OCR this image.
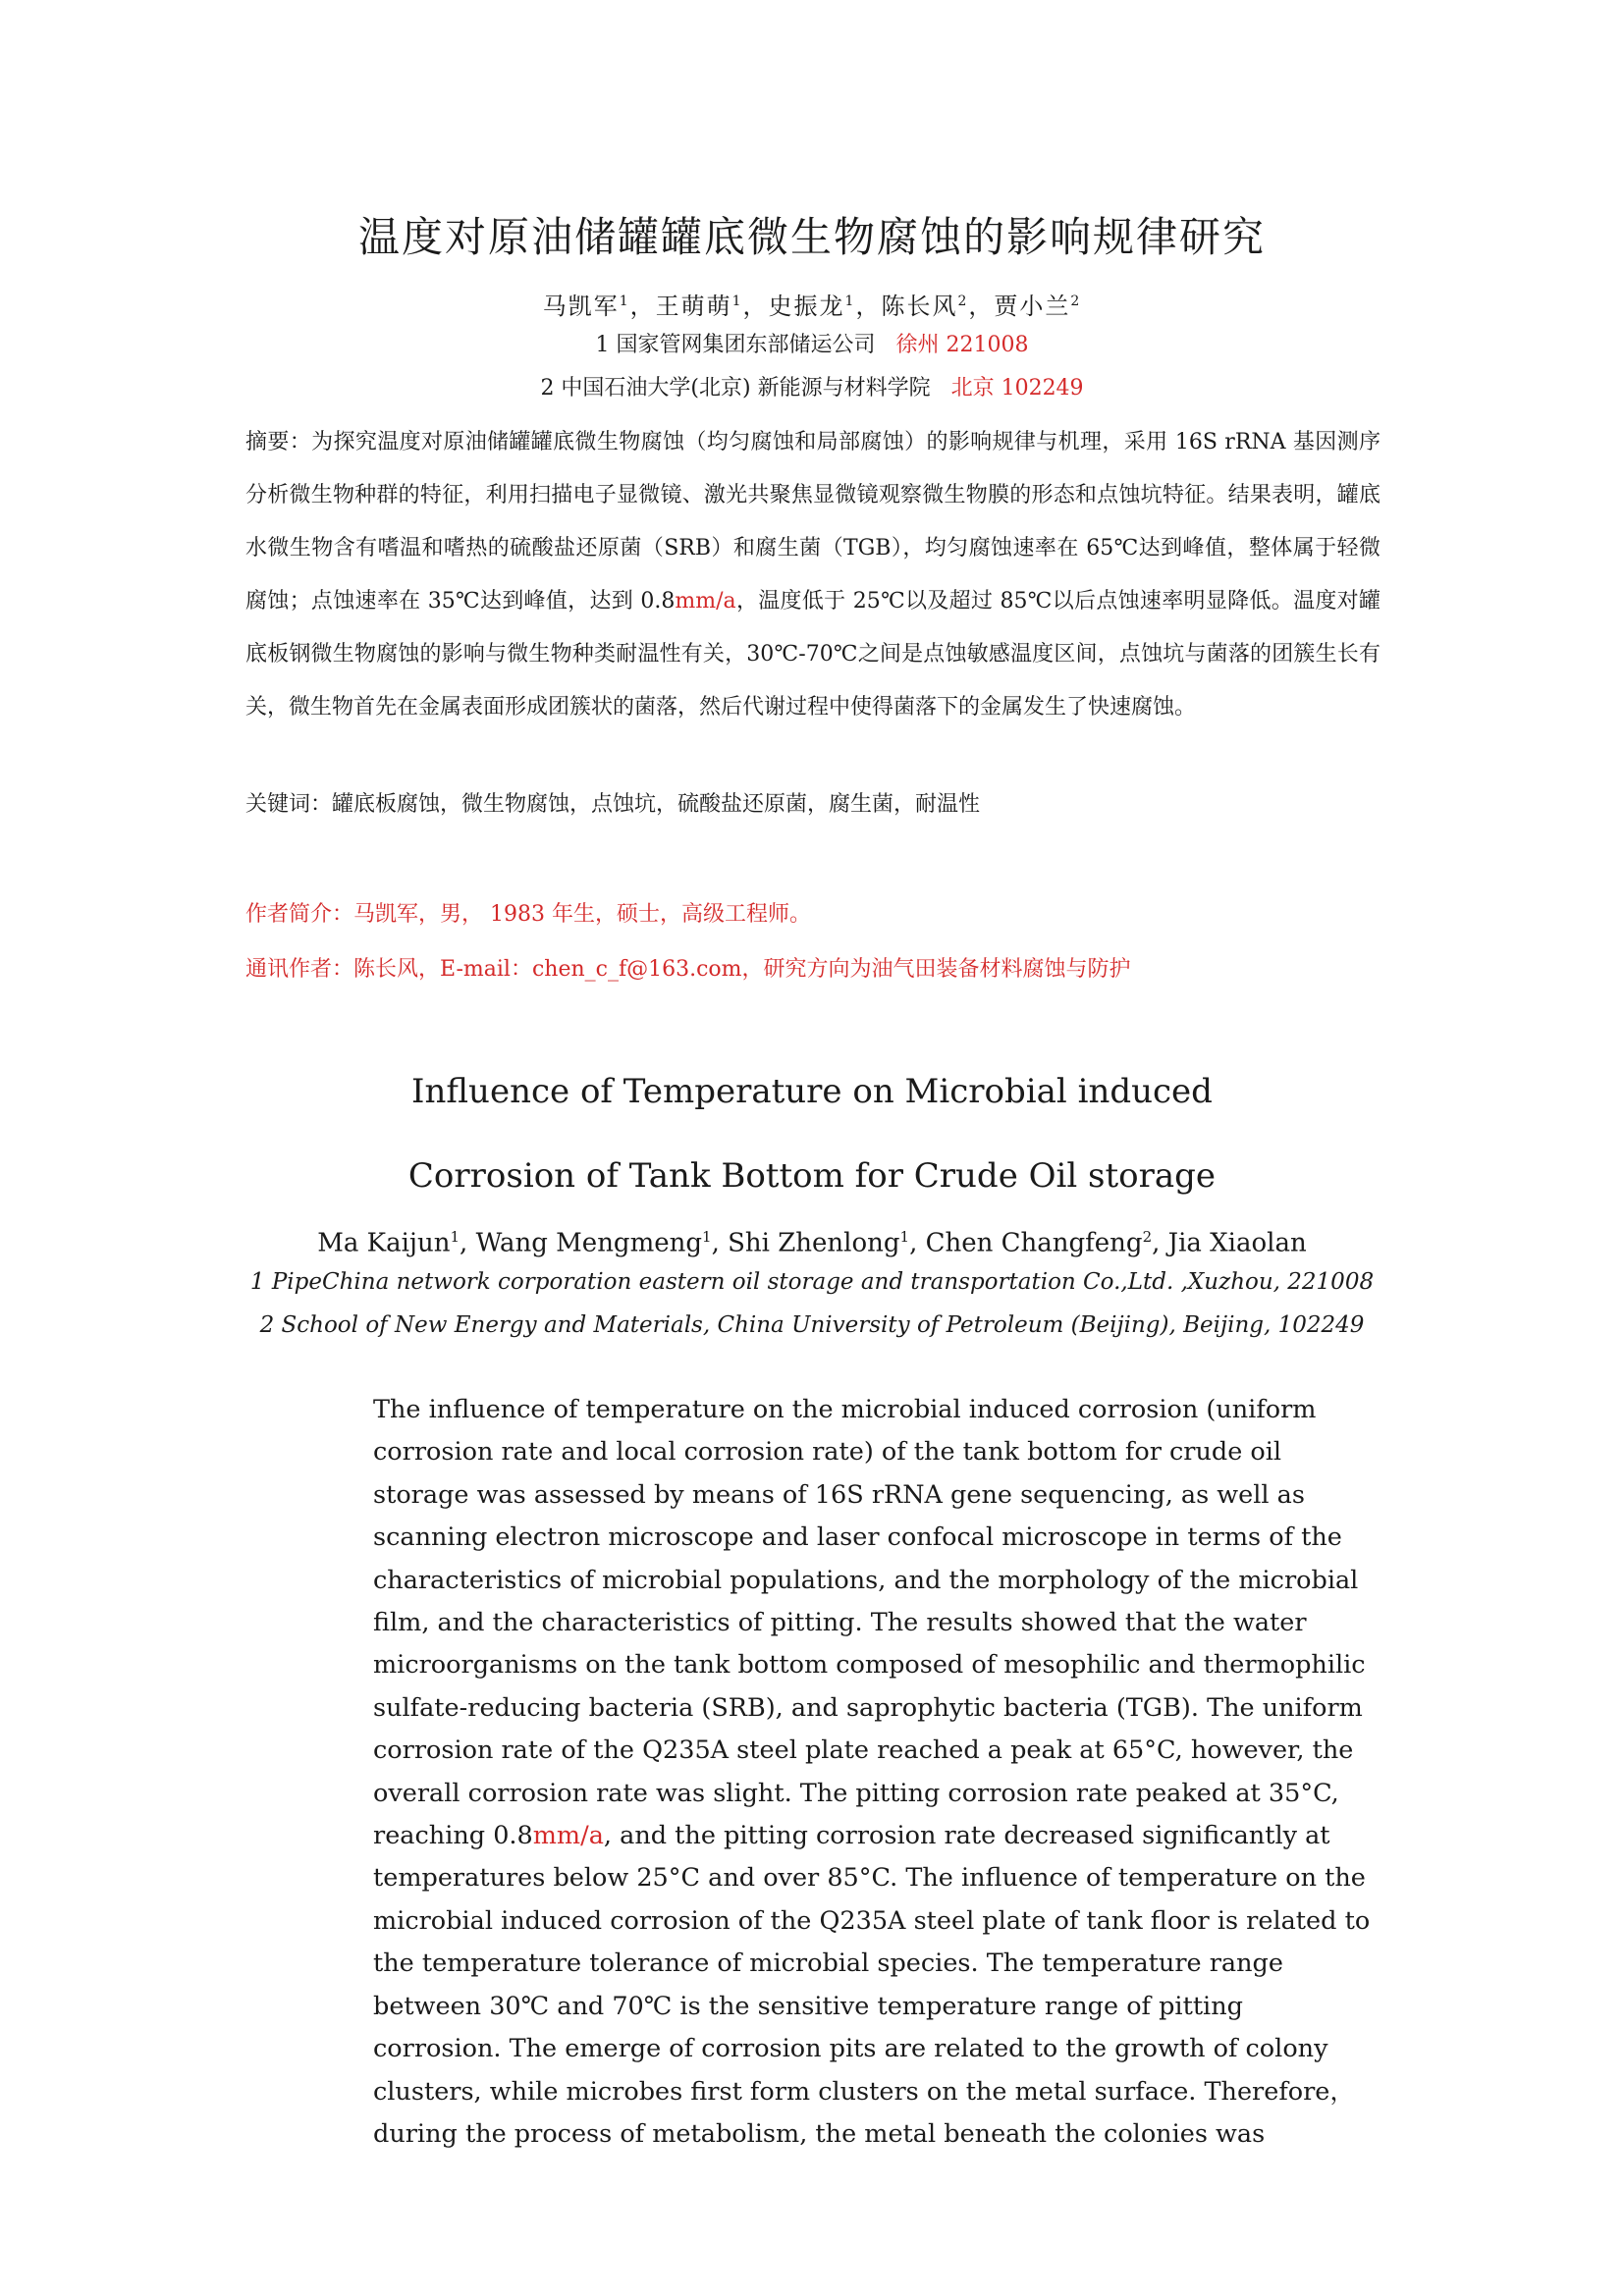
温度对原油储罐罐底微生物腐蚀的影响规律研究
马凯军$^1$，王萌萌$^1$，史振龙$^1$，陈长风$^2$，贾小兰$^2$
1 国家管网集团东部储运公司 徐州 221008
2 中国石油大学(北京) 新能源与材料学院 北京 102249
摘要：为探究温度对原油储罐罐底微生物腐蚀（均匀腐蚀和局部腐蚀）的影响规律与机理，采用 16S rRNA 基因测序分析微生物种群的特征，利用扫描电子显微镜、激光共聚焦显微镜观察微生物膜的形态和点蚀坑特征。结果表明，罐底水微生物含有嗜温和嗜热的硫酸盐还原菌（SRB）和腐生菌（TGB），均匀腐蚀速率在 65℃达到峰值，整体属于轻微腐蚀；点蚀速率在 35℃达到峰值，达到 0.8mm/a，温度低于 25℃以及超过 85℃以后点蚀速率明显降低。温度对罐底板钢微生物腐蚀的影响与微生物种类耐温性有关，30℃-70℃之间是点蚀敏感温度区间，点蚀坑与菌落的团簇生长有关，微生物首先在金属表面形成团簇状的菌落，然后代谢过程中使得菌落下的金属发生了快速腐蚀。
关键词：罐底板腐蚀，微生物腐蚀，点蚀坑，硫酸盐还原菌，腐生菌，耐温性
作者简介：马凯军，男， 1983 年生，硕士，高级工程师。
通讯作者：陈长风，E-mail：chen_c_f@163.com，研究方向为油气田装备材料腐蚀与防护
Influence of Temperature on Microbial induced
Corrosion of Tank Bottom for Crude Oil storage
Ma Kaijun$^1$, Wang Mengmeng$^1$, Shi Zhenlong$^1$, Chen Changfeng$^2$, Jia Xiaolan
1 PipeChina network corporation eastern oil storage and transportation Co.,Ltd. ,Xuzhou, 221008
2 School of New Energy and Materials, China University of Petroleum (Beijing), Beijing, 102249
The influence of temperature on the microbial induced corrosion (uniform corrosion rate and local corrosion rate) of the tank bottom for crude oil storage was assessed by means of 16S rRNA gene sequencing, as well as scanning electron microscope and laser confocal microscope in terms of the characteristics of microbial populations, and the morphology of the microbial film, and the characteristics of pitting. The results showed that the water microorganisms on the tank bottom composed of mesophilic and thermophilic sulfate-reducing bacteria (SRB), and saprophytic bacteria (TGB). The uniform corrosion rate of the Q235A steel plate reached a peak at 65°C, however, the overall corrosion rate was slight. The pitting corrosion rate peaked at 35°C, reaching 0.8mm/a, and the pitting corrosion rate decreased significantly at temperatures below 25°C and over 85°C. The influence of temperature on the microbial induced corrosion of the Q235A steel plate of tank floor is related to the temperature tolerance of microbial species. The temperature range between 30℃ and 70℃ is the sensitive temperature range of pitting corrosion. The emerge of corrosion pits are related to the growth of colony clusters, while microbes first form clusters on the metal surface. Therefore，during the process of metabolism, the metal beneath the colonies was
